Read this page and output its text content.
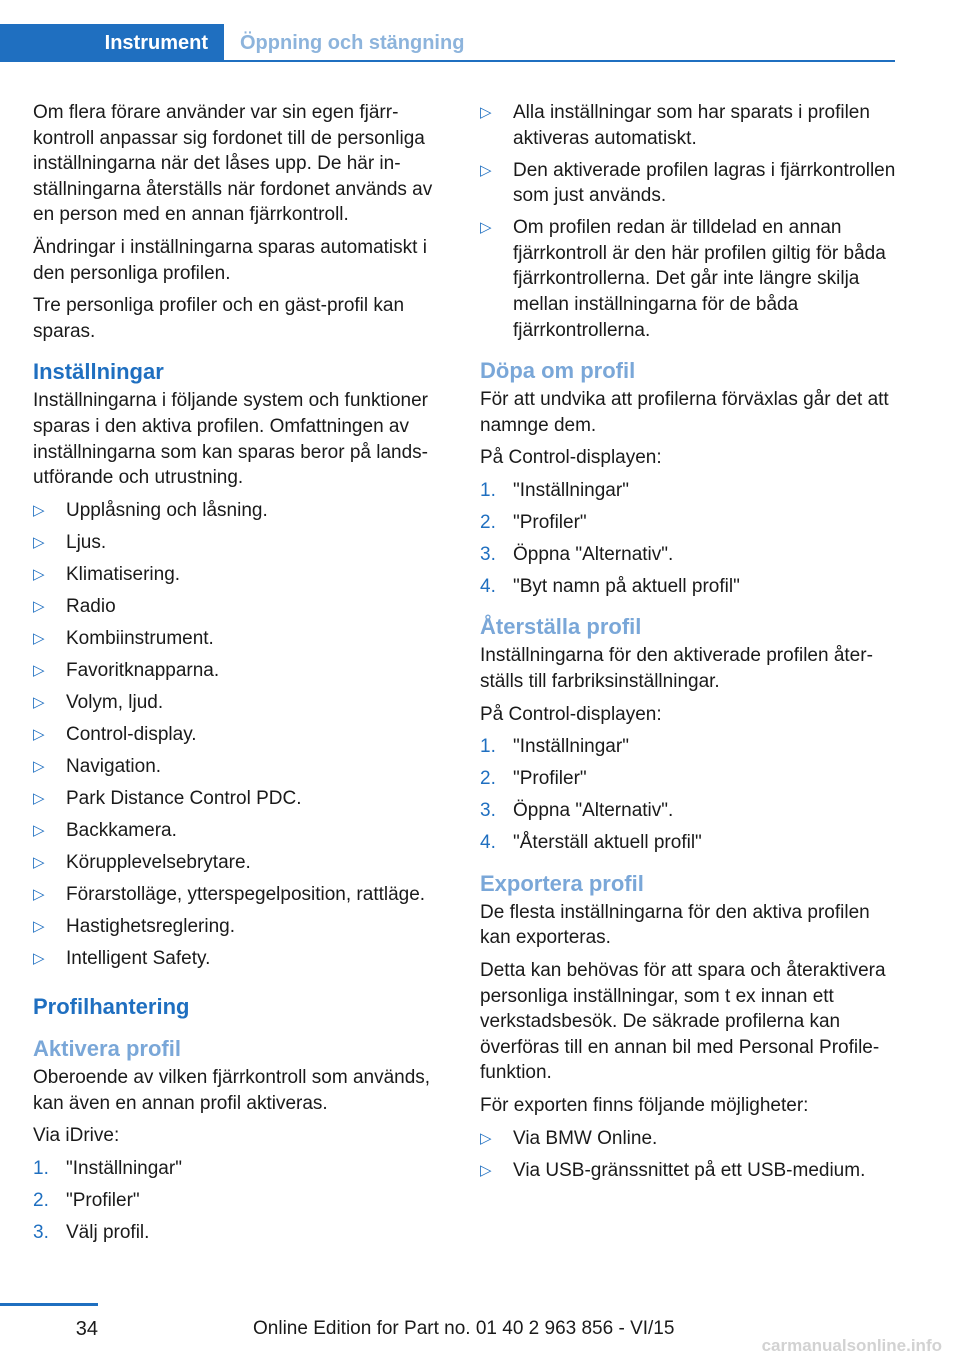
Instrument Öppning och stängning

Om flera förare använder var sin egen fjärrkontroll anpassar sig fordonet till de personliga inställningarna när det låses upp. De här inställningarna återställs när fordonet används av en person med en annan fjärrkontroll.

Ändringar i inställningarna sparas automatiskt i den personliga profilen.

Tre personliga profiler och en gäst-profil kan sparas.

Inställningar

Inställningarna i följande system och funktioner sparas i den aktiva profilen. Omfattningen av inställningarna som kan sparas beror på landsutförande och utrustning.

▷ Upplåsning och låsning.
▷ Ljus.
▷ Klimatisering.
▷ Radio
▷ Kombiinstrument.
▷ Favoritknapparna.
▷ Volym, ljud.
▷ Control-display.
▷ Navigation.
▷ Park Distance Control PDC.
▷ Backkamera.
▷ Körupplevelsebrytare.
▷ Förarstolläge, ytterspegelposition, rattläge.
▷ Hastighetsreglering.
▷ Intelligent Safety.
Profilhantering
Aktivera profil

Oberoende av vilken fjärrkontroll som används, kan även en annan profil aktiveras.

Via iDrive:

1. "Inställningar"
2. "Profiler"
3. Välj profil.
▷ Alla inställningar som har sparats i profilen aktiveras automatiskt.
▷ Den aktiverade profilen lagras i fjärrkontrollen som just används.
▷ Om profilen redan är tilldelad en annan fjärrkontroll är den här profilen giltig för båda fjärrkontrollerna. Det går inte längre skilja mellan inställningarna för de båda fjärrkontrollerna.
Döpa om profil

För att undvika att profilerna förväxlas går det att namnge dem.

På Control-displayen:

1. "Inställningar"
2. "Profiler"
3. Öppna "Alternativ".
4. "Byt namn på aktuell profil"
Återställa profil

Inställningarna för den aktiverade profilen återställs till farbriksinställningar.

På Control-displayen:

1. "Inställningar"
2. "Profiler"
3. Öppna "Alternativ".
4. "Återställ aktuell profil"
Exportera profil

De flesta inställningarna för den aktiva profilen kan exporteras.

Detta kan behövas för att spara och återaktivera personliga inställningar, som t ex innan ett verkstadsbesök. De säkrade profilerna kan överföras till en annan bil med Personal Profile-funktion.

För exporten finns följande möjligheter:

▷ Via BMW Online.
▷ Via USB-gränssnittet på ett USB-medium.
34	Online Edition for Part no. 01 40 2 963 856 - VI/15
carmanualsonline.info
